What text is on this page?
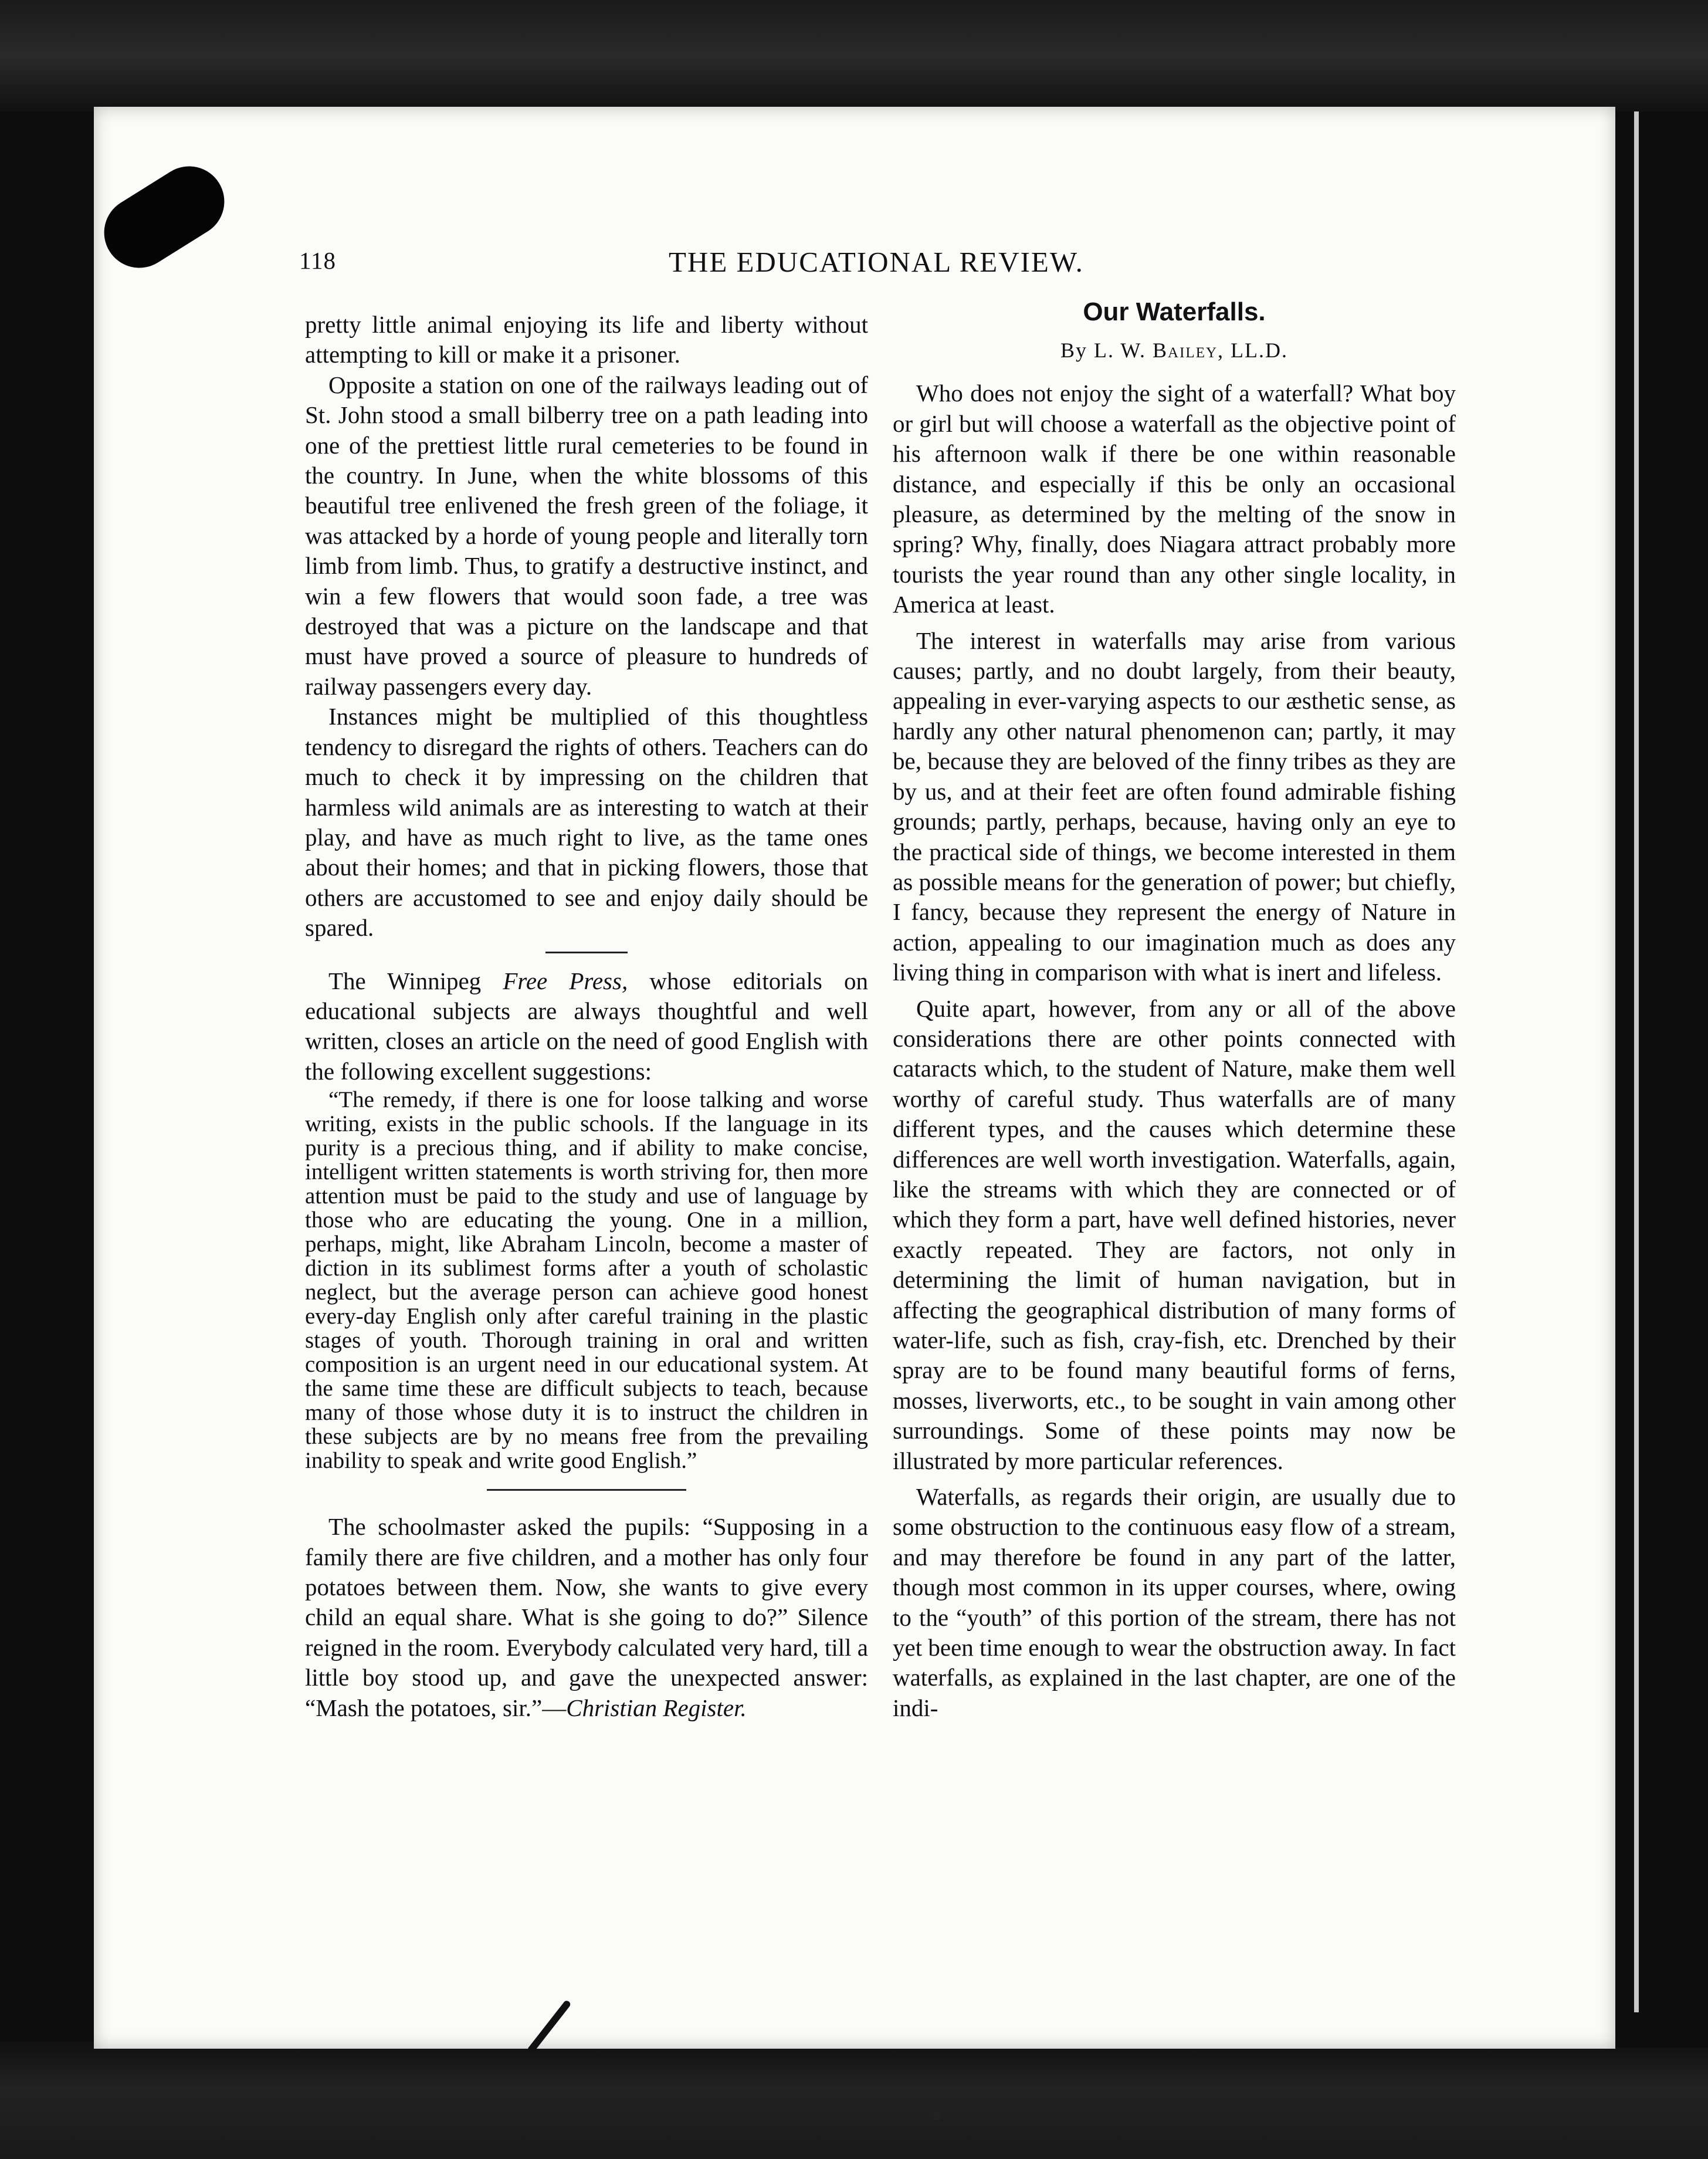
118	THE EDUCATIONAL REVIEW.

pretty little animal enjoying its life and liberty without attempting to kill or make it a prisoner.

Opposite a station on one of the railways leading out of St. John stood a small bilberry tree on a path leading into one of the prettiest little rural cemeteries to be found in the country. In June, when the white blossoms of this beautiful tree enlivened the fresh green of the foliage, it was attacked by a horde of young people and literally torn limb from limb. Thus, to gratify a destructive instinct, and win a few flowers that would soon fade, a tree was destroyed that was a picture on the landscape and that must have proved a source of pleasure to hundreds of railway passengers every day.

Instances might be multiplied of this thoughtless tendency to disregard the rights of others. Teachers can do much to check it by impressing on the children that harmless wild animals are as interesting to watch at their play, and have as much right to live, as the tame ones about their homes; and that in picking flowers, those that others are accustomed to see and enjoy daily should be spared.

The Winnipeg Free Press, whose editorials on educational subjects are always thoughtful and well written, closes an article on the need of good English with the following excellent suggestions:

“The remedy, if there is one for loose talking and worse writing, exists in the public schools. If the language in its purity is a precious thing, and if ability to make concise, intelligent written statements is worth striving for, then more attention must be paid to the study and use of language by those who are educating the young. One in a million, perhaps, might, like Abraham Lincoln, become a master of diction in its sublimest forms after a youth of scholastic neglect, but the average person can achieve good honest every-day English only after careful training in the plastic stages of youth. Thorough training in oral and written composition is an urgent need in our educational system. At the same time these are difficult subjects to teach, because many of those whose duty it is to instruct the children in these subjects are by no means free from the prevailing inability to speak and write good English.”

The schoolmaster asked the pupils: “Supposing in a family there are five children, and a mother has only four potatoes between them. Now, she wants to give every child an equal share. What is she going to do?” Silence reigned in the room. Everybody calculated very hard, till a little boy stood up, and gave the unexpected answer: “Mash the potatoes, sir.”—Christian Register.

Our Waterfalls.
By L. W. Bailey, LL.D.

Who does not enjoy the sight of a waterfall? What boy or girl but will choose a waterfall as the objective point of his afternoon walk if there be one within reasonable distance, and especially if this be only an occasional pleasure, as determined by the melting of the snow in spring? Why, finally, does Niagara attract probably more tourists the year round than any other single locality, in America at least.

The interest in waterfalls may arise from various causes; partly, and no doubt largely, from their beauty, appealing in ever-varying aspects to our æsthetic sense, as hardly any other natural phenomenon can; partly, it may be, because they are beloved of the finny tribes as they are by us, and at their feet are often found admirable fishing grounds; partly, perhaps, because, having only an eye to the practical side of things, we become interested in them as possible means for the generation of power; but chiefly, I fancy, because they represent the energy of Nature in action, appealing to our imagination much as does any living thing in comparison with what is inert and lifeless.

Quite apart, however, from any or all of the above considerations there are other points connected with cataracts which, to the student of Nature, make them well worthy of careful study. Thus waterfalls are of many different types, and the causes which determine these differences are well worth investigation. Waterfalls, again, like the streams with which they are connected or of which they form a part, have well defined histories, never exactly repeated. They are factors, not only in determining the limit of human navigation, but in affecting the geographical distribution of many forms of water-life, such as fish, cray-fish, etc. Drenched by their spray are to be found many beautiful forms of ferns, mosses, liverworts, etc., to be sought in vain among other surroundings. Some of these points may now be illustrated by more particular references.

Waterfalls, as regards their origin, are usually due to some obstruction to the continuous easy flow of a stream, and may therefore be found in any part of the latter, though most common in its upper courses, where, owing to the “youth” of this portion of the stream, there has not yet been time enough to wear the obstruction away. In fact waterfalls, as explained in the last chapter, are one of the indi-
